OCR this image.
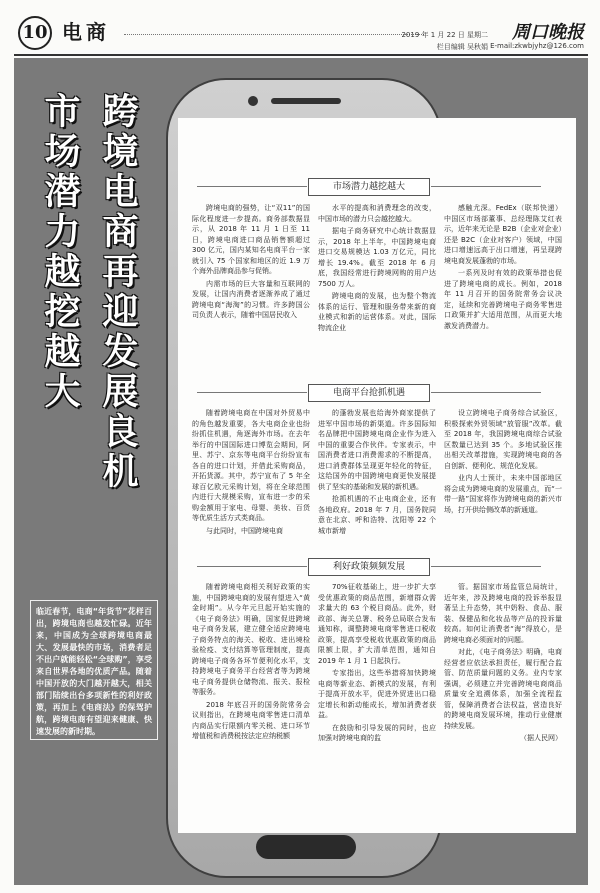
10 电商	2019 年 1 月 22 日 星期二
栏目编辑 吴秋娟
周口晚报
E-mail:zkwbjyhz@126.com
跨境电商再迎发展良机
市场潜力越挖越大
临近春节，电商“年货节”花样百出，跨境电商也越发忙碌。近年来，中国成为全球跨境电商最大、发展最快的市场，消费者足不出户就能轻松“全球购”，享受来自世界各地的优质产品。随着中国开放的大门越开越大，相关部门陆续出台多项新性的利好政策，再加上《电商法》的保驾护航，跨境电商有望迎来健康、快速发展的新时期。
市场潜力越挖越大

跨境电商的强势，让“双11”的国际化程度进一步提高。商务部数据显示，从 2018 年 11 月 1 日至 11 日，跨境电商进口商品销售额超过 300 亿元，国内某知名电商平台一家就引入 75 个国家和地区的近 1.9 万个海外品牌商品参与促销。

内需市场的巨大容量和互联网的发展，让国内消费者逐渐养成了通过跨境电商“海淘”的习惯。许多跨国公司负责人表示，随着中国居民收入

水平的提高和消费理念的改变，中国市场的潜力只会越挖越大。

据电子商务研究中心统计数据显示，2018 年上半年，中国跨境电商进口交易规模达 1.03 万亿元，同比增长 19.4%。截至 2018 年 6 月底，我国经常进行跨境网购的用户达 7500 万人。

跨境电商的发展，也为整个物流体系的运行、管理和服务带来新的商业模式和新的运营体系。对此，国际物流企业

感触尤深。FedEx（联邦快递）中国区市场部董事、总经理陈艾红表示，近年来无论是 B2B（企业对企业）还是 B2C（企业对客户）领域，中国进口增速远高于出口增速，再呈现跨境电商发展蓬勃的市场。

一系列及时有效的政策举措也促进了跨境电商的成长。例如，2018 年 11 月召开的国务院常务会议决定，延续和完善跨境电子商务零售进口政策并扩大适用范围，从而更大地激发消费潜力。

电商平台抢抓机遇

随着跨境电商在中国对外贸易中的角色越发重要，各大电商企业也纷纷抓住机遇，角逐海外市场。在去年举行的中国国际进口博览会期间，阿里、苏宁、京东等电商平台纷纷宣布各自的进口计划，并借此采购商品，开拓货源。其中，苏宁宣布了 5 年全球百亿欧元采购计划，将在全球范围内进行大规模采购，宣布进一步的采购金额用于家电、母婴、美妆、百货等优质生活方式类商品。

与此同时，中国跨境电商

的蓬勃发展也给海外商家提供了进军中国市场的新渠道。许多国际知名品牌把中国跨境电商企业作为进入中国的重要合作伙伴。专家表示，中国消费者进口消费需求的不断提高，进口消费群体呈现更年轻化的特征，这给国外的中国跨境电商更快发展提供了坚实的基础和发展的新机遇。

抢抓机遇的不止电商企业，还有各地政府。2018 年 7 月，国务院同意在北京、呼和浩特、沈阳等 22 个城市新增

设立跨境电子商务综合试验区，积极探索外贸领域“放管服”改革。截至 2018 年，我国跨境电商综合试验区数量已达到 35 个。多地试验区推出相关改革措施，实现跨境电商的各自创新、便利化、规范化发展。

业内人士预计，未来中国部地区将会成为跨境电商的发展重点，而“一带一路”国家将作为跨境电商的新兴市场，打开供给侧改革的新通道。

利好政策频频发展

随着跨境电商相关利好政策的实施，中国跨境电商的发展有望进入“黄金时期”。从今年元旦起开始实施的《电子商务法》明确，国家促进跨境电子商务发展，建立健全适应跨境电子商务特点的海关、税收、进出境检验检疫、支付结算等管理制度，提高跨境电子商务各环节便利化水平，支持跨境电子商务平台经营者等为跨境电子商务提供仓储物流、报关、报检等服务。

2018 年底召开的国务院常务会议则指出，在跨境电商零售进口清单内商品实行限额内零关税、进口环节增值税和消费税按法定应纳税额

70%征收基础上，进一步扩大享受优惠政策的商品范围，新增群众需求量大的 63 个税目商品。此外，财政部、海关总署、税务总局联合发布通知称，调整跨境电商零售进口税收政策，提高享受税收优惠政策的商品限额上限，扩大清单范围，通知自 2019 年 1 月 1 日起执行。

专家指出，这些举措将加快跨境电商等新业态、新模式的发展，有利于提高开放水平，促进外贸进出口稳定增长和新动能成长，增加消费者获益。

在鼓励和引导发展的同时，也应加强对跨境电商的监

管。据国家市场监管总局统计，近年来，涉及跨境电商的投诉举报显著呈上升态势，其中奶粉、食品、服装、保健品和化妆品等产品的投诉量较高。如何让消费者“海”得放心，是跨境电商必须面对的问题。

对此，《电子商务法》明确，电商经营者应依法承担责任，履行配合监管、防范质量问题的义务。业内专家强调，必须建立并完善跨境电商商品质量安全追溯体系，加强全流程监管，保障消费者合法权益，营造良好的跨境电商发展环境，推动行业健康持续发展。

（据人民网）
